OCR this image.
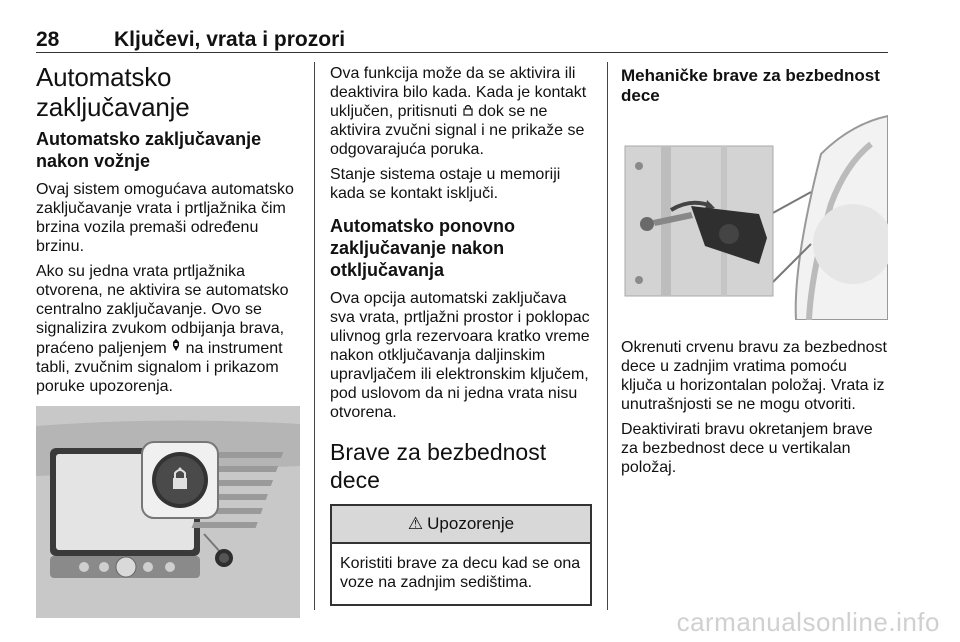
28	Ključevi, vrata i prozori
Automatsko zaključavanje
Automatsko zaključavanje nakon vožnje

Ovaj sistem omogućava automatsko zaključavanje vrata i prtljažnika čim brzina vozila premaši određenu brzinu.

Ako su jedna vrata prtljažnika otvorena, ne aktivira se automatsko centralno zaključavanje. Ovo se signalizira zvukom odbijanja brava, praćeno paljenjem  na instrument tabli, zvučnim signalom i prikazom poruke upozorenja.

Ova funkcija može da se aktivira ili deaktivira bilo kada. Kada je kontakt uključen, pritisnuti  dok se ne aktivira zvučni signal i ne prikaže se odgovarajuća poruka.

Stanje sistema ostaje u memoriji kada se kontakt isključi.

Automatsko ponovno zaključavanje nakon otključavanja

Ova opcija automatski zaključava sva vrata, prtljažni prostor i poklopac ulivnog grla rezervoara kratko vreme nakon otključavanja daljinskim upravljačem ili elektronskim ključem, pod uslovom da ni jedna vrata nisu otvorena.

Brave za bezbednost dece
⚠ Upozorenje
Koristiti brave za decu kad se ona voze na zadnjim sedištima.
Mehaničke brave za bezbednost dece

Okrenuti crvenu bravu za bezbednost dece u zadnjim vratima pomoću ključa u horizontalan položaj. Vrata iz unutrašnjosti se ne mogu otvoriti.

Deaktivirati bravu okretanjem brave za bezbednost dece u vertikalan položaj.

carmanualsonline.info
